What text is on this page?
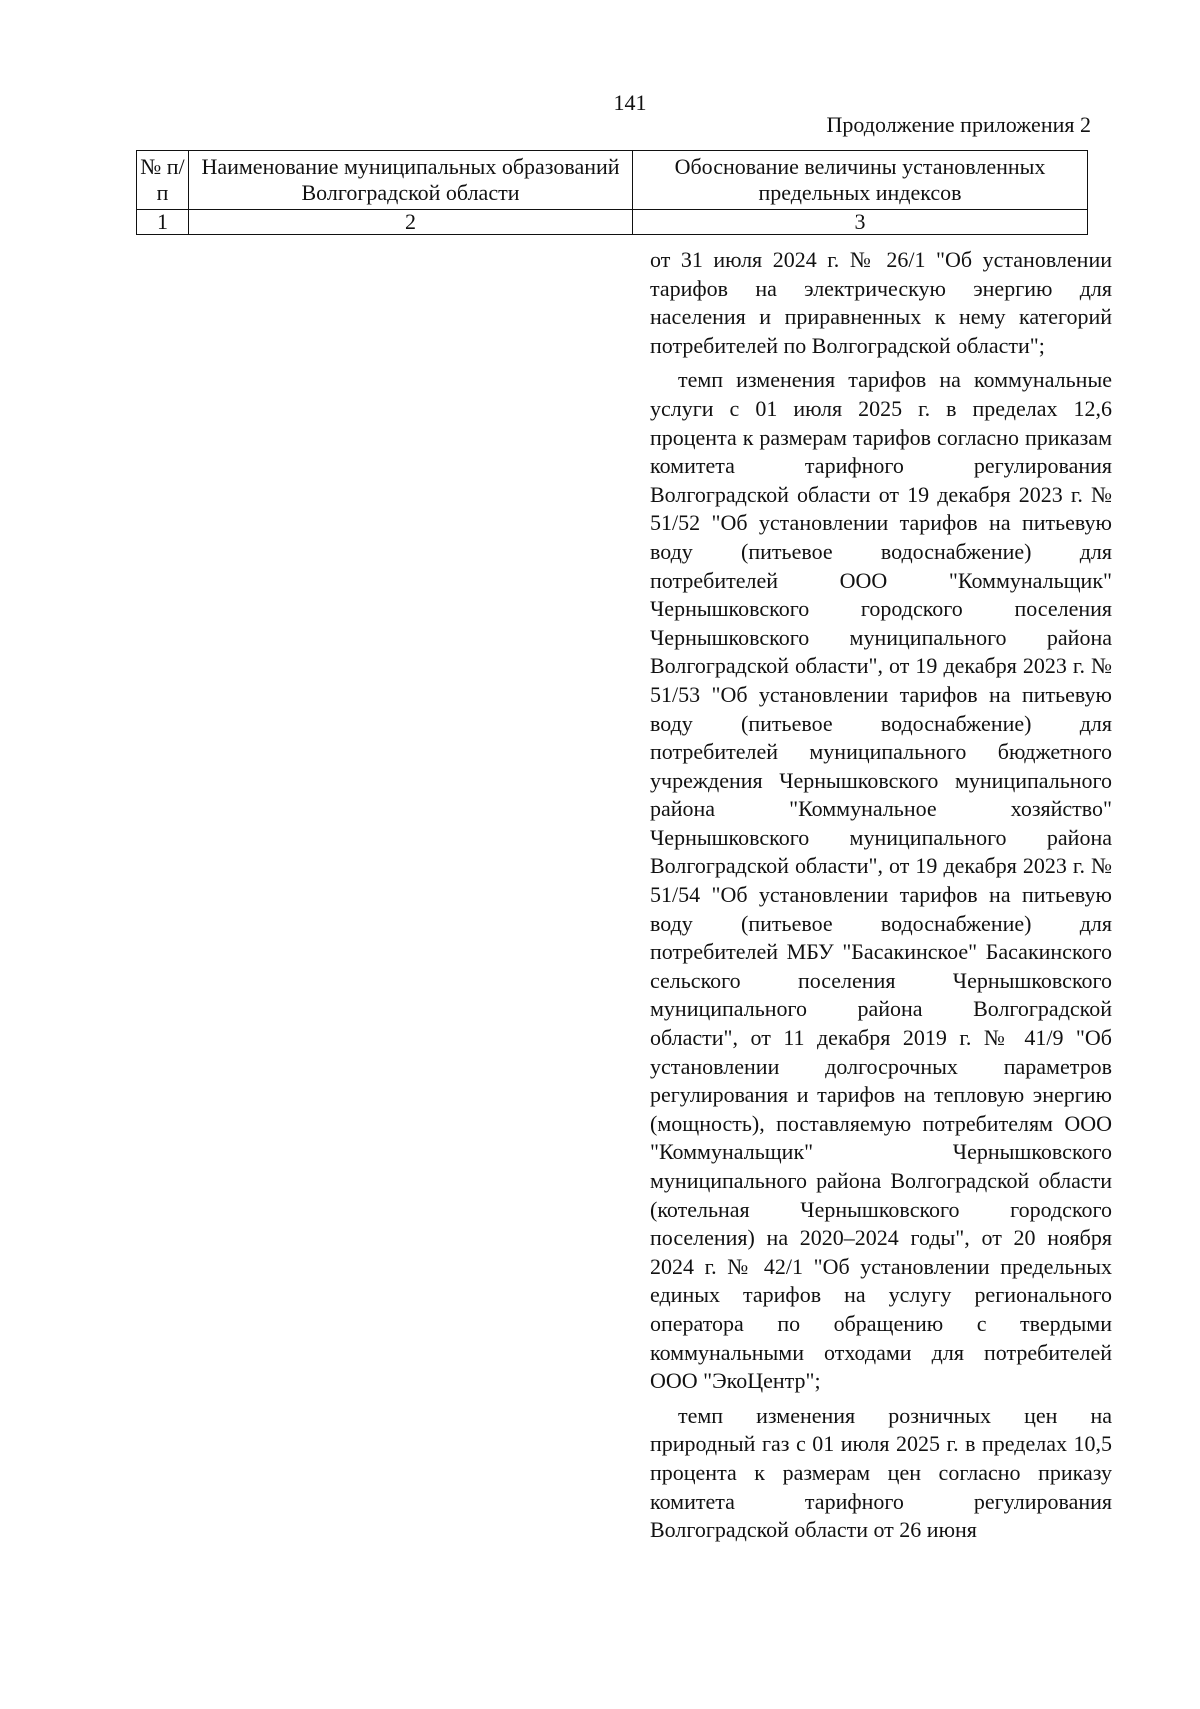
141
Продолжение приложения 2
№ п/п	Наименование муниципальных образований Волгоградской области	Обоснование величины установленных предельных индексов
1	2	3

от 31 июля 2024 г. № 26/1 "Об установлении тарифов на электрическую энергию для населения и приравненных к нему категорий потребителей по Волгоградской области";

темп изменения тарифов на коммунальные услуги с 01 июля 2025 г. в пределах 12,6 процента к размерам тарифов согласно приказам комитета тарифного регулирования Волгоградской области от 19 декабря 2023 г. № 51/52 "Об установлении тарифов на питьевую воду (питьевое водоснабжение) для потребителей ООО "Коммунальщик" Чернышковского городского поселения Чернышковского муниципального района Волгоградской области", от 19 декабря 2023 г. № 51/53 "Об установлении тарифов на питьевую воду (питьевое водоснабжение) для потребителей муниципального бюджетного учреждения Чернышковского муниципального района "Коммунальное хозяйство" Чернышковского муниципального района Волгоградской области", от 19 декабря 2023 г. № 51/54 "Об установлении тарифов на питьевую воду (питьевое водоснабжение) для потребителей МБУ "Басакинское" Басакинского сельского поселения Чернышковского муниципального района Волгоградской области", от 11 декабря 2019 г. № 41/9 "Об установлении долгосрочных параметров регулирования и тарифов на тепловую энергию (мощность), поставляемую потребителям ООО "Коммунальщик" Чернышковского муниципального района Волгоградской области (котельная Чернышковского городского поселения) на 2020–2024 годы", от 20 ноября 2024 г. № 42/1 "Об установлении предельных единых тарифов на услугу регионального оператора по обращению с твердыми коммунальными отходами для потребителей ООО "ЭкоЦентр";

темп изменения розничных цен на природный газ с 01 июля 2025 г. в пределах 10,5 процента к размерам цен согласно приказу комитета тарифного регулирования Волгоградской области от 26 июня
